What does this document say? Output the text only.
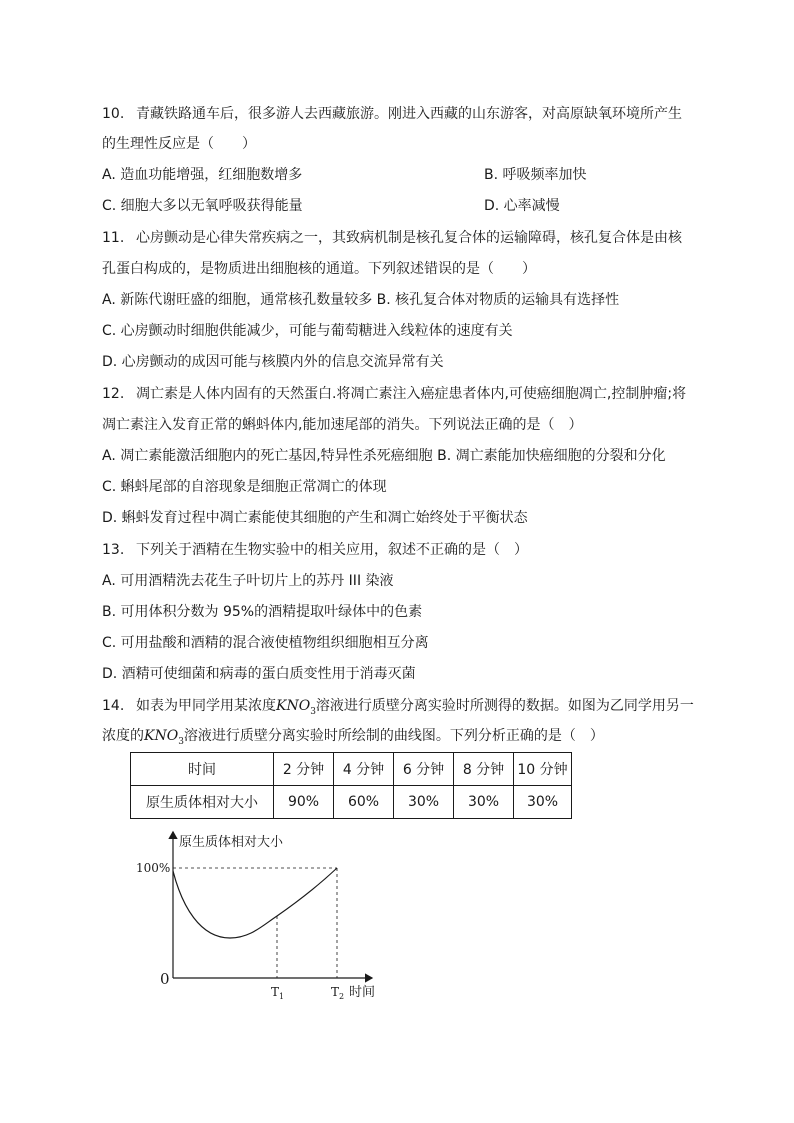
10. 青藏铁路通车后，很多游人去西藏旅游。刚进入西藏的山东游客，对高原缺氧环境所产生
的生理性反应是（　　）
A. 造血功能增强，红细胞数增多	B. 呼吸频率加快
C. 细胞大多以无氧呼吸获得能量	D. 心率减慢
11. 心房颤动是心律失常疾病之一，其致病机制是核孔复合体的运输障碍，核孔复合体是由核
孔蛋白构成的，是物质进出细胞核的通道。下列叙述错误的是（　　）
A. 新陈代谢旺盛的细胞，通常核孔数量较多 B. 核孔复合体对物质的运输具有选择性
C. 心房颤动时细胞供能减少，可能与葡萄糖进入线粒体的速度有关
D. 心房颤动的成因可能与核膜内外的信息交流异常有关
12. 凋亡素是人体内固有的天然蛋白.将凋亡素注入癌症患者体内,可使癌细胞凋亡,控制肿瘤;将
凋亡素注入发育正常的蝌蚪体内,能加速尾部的消失。下列说法正确的是（　）
A. 凋亡素能激活细胞内的死亡基因,特异性杀死癌细胞 B. 凋亡素能加快癌细胞的分裂和分化
C. 蝌蚪尾部的自溶现象是细胞正常凋亡的体现
D. 蝌蚪发育过程中凋亡素能使其细胞的产生和凋亡始终处于平衡状态
13. 下列关于酒精在生物实验中的相关应用，叙述不正确的是（　）
A. 可用酒精洗去花生子叶切片上的苏丹 III 染液
B. 可用体积分数为 95%的酒精提取叶绿体中的色素
C. 可用盐酸和酒精的混合液使植物组织细胞相互分离
D. 酒精可使细菌和病毒的蛋白质变性用于消毒灭菌
14. 如表为甲同学用某浓度$KNO_3$溶液进行质壁分离实验时所测得的数据。如图为乙同学用另一
浓度的$KNO_3$溶液进行质壁分离实验时所绘制的曲线图。下列分析正确的是（　）
时间	2 分钟	4 分钟	6 分钟	8 分钟	10 分钟
原生质体相对大小	90%	60%	30%	30%	30%
原生质体相对大小
100%
0
$T_1$	$T_2$ 时间
